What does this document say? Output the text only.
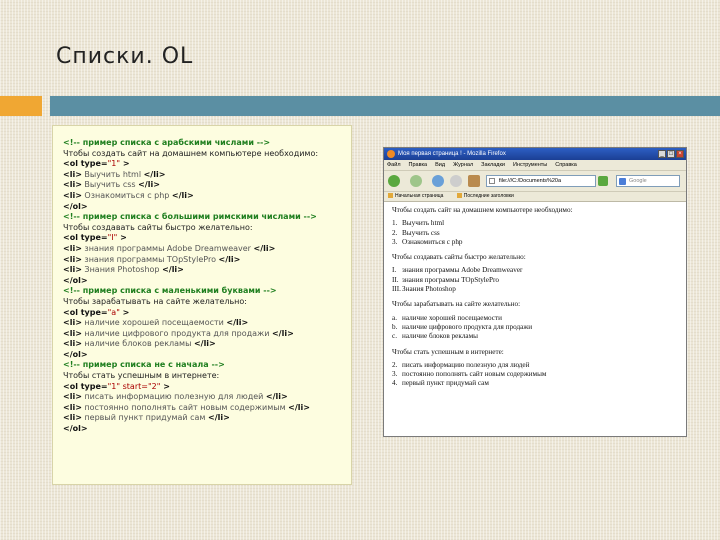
Списки. OL
<!-- пример списка с арабскими числами -->
Чтобы создать сайт на домашнем компьютере необходимо:
<ol type="1" >
<li> Выучить html </li>
<li> Выучить css </li>
<li> Ознакомиться с php </li>
</ol>
<!-- пример списка с большими римскими числами -->
Чтобы создавать сайты быстро желательно:
<ol type="I" >
<li> знания программы Adobe Dreamweaver </li>
<li> знания программы TOpStylePro </li>
<li> Знания Photoshop </li>
</ol>
<!-- пример списка с маленькими буквами -->
Чтобы зарабатывать на сайте желательно:
<ol type="a" >
<li> наличие хорошей посещаемости </li>
<li> наличие цифрового продукта для продажи </li>
<li> наличие блоков рекламы </li>
</ol>
<!-- пример списка не с начала -->
Чтобы стать успешным в интернете:
<ol type="1" start="2" >
<li> писать информацию полезную для людей </li>
<li> постоянно пополнять сайт новым содержимым </li>
<li> первый пункт придумай сам </li>
</ol>
Моя первая страница ! - Mozilla Firefox	_ □ ×
Файл Правка Вид Журнал Закладки Инструменты Справка
file:///C:/Documents%20a	Google
Начальная страница	Последние заголовки

Чтобы создать сайт на домашнем компьютере необходимо:

1. Выучить html
2. Выучить css
3. Ознакомиться с php

Чтобы создавать сайты быстро желательно:

I. знания программы Adobe Dreamweaver
II. знания программы TOpStylePro
III. Знания Photoshop

Чтобы зарабатывать на сайте желательно:

a. наличие хорошей посещаемости
b. наличие цифрового продукта для продажи
c. наличие блоков рекламы

Чтобы стать успешным в интернете:

2. писать информацию полезную для людей
3. постоянно пополнять сайт новым содержимым
4. первый пункт придумай сам
